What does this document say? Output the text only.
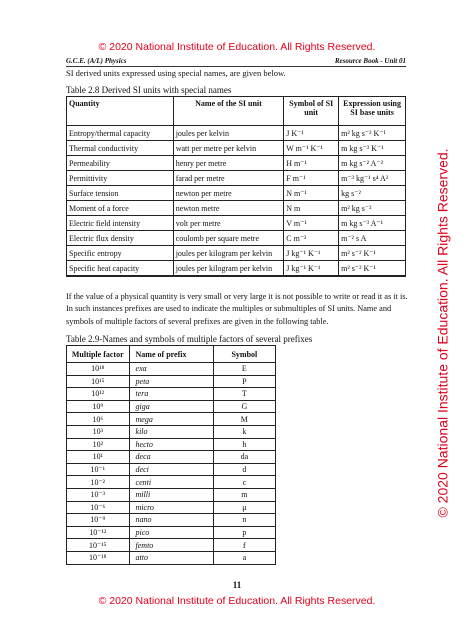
© 2020 National Institute of Education. All Rights Reserved.
G.C.E. (A/L) Physics	Resource Book - Unit 01
SI derived units expressed using special names, are given below.
Table 2.8 Derived SI units with special names
Quantity	Name of the SI unit	Symbol of SI unit	Expression using SI base units
Entropy/thermal capacity	joules per kelvin	J K⁻¹	m² kg s⁻² K⁻¹
Thermal conductivity	watt per metre per kelvin	W m⁻¹ K⁻¹	m kg s⁻³ K⁻¹
Permeability	henry per metre	H m⁻¹	m kg s⁻² A⁻²
Permittivity	farad per metre	F m⁻¹	m⁻³ kg⁻¹ s⁴ A²
Surface tension	newton per metre	N m⁻¹	kg s⁻²
Moment of a force	newton metre	N m	m² kg s⁻²
Electric field intensity	volt per metre	V m⁻¹	m kg s⁻³ A⁻¹
Electric flux density	coulomb per square metre	C m⁻²	m⁻² s A
Specific entropy	joules per kilogram per kelvin	J kg⁻¹ K⁻¹	m² s⁻² K⁻¹
Specific heat capacity	joules per kilogram per kelvin	J kg⁻¹ K⁻¹	m² s⁻² K⁻¹
If the value of a physical quantity is very small or very large it is not possible to write or read it as it is. In such instances prefixes are used to indicate the multiples or submultiples of SI units. Name and symbols of multiple factors of several prefixes are given in the following table.
Table 2.9-Names and symbols of multiple factors of several prefixes
Multiple factor	Name of prefix	Symbol
10¹⁸	exa	E
10¹⁵	peta	P
10¹²	tera	T
10⁹	giga	G
10⁶	mega	M
10³	kilo	k
10²	hecto	h
10¹	deca	da
10⁻¹	deci	d
10⁻²	centi	c
10⁻³	milli	m
10⁻⁶	micro	μ
10⁻⁹	nano	n
10⁻¹²	pico	p
10⁻¹⁵	femto	f
10⁻¹⁸	atto	a
11
© 2020 National Institute of Education. All Rights Reserved.
© 2020 National Institute of Education. All Rights Reserved.
